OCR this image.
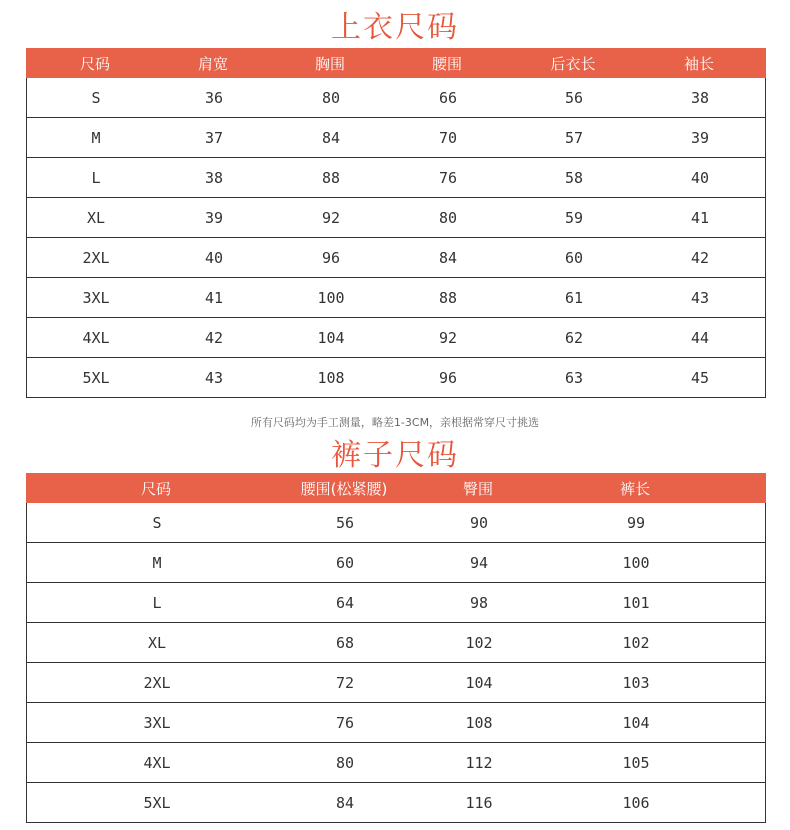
上衣尺码
尺码	肩宽	胸围	腰围	后衣长	袖长
S	36	80	66	56	38
M	37	84	70	57	39
L	38	88	76	58	40
XL	39	92	80	59	41
2XL	40	96	84	60	42
3XL	41	100	88	61	43
4XL	42	104	92	62	44
5XL	43	108	96	63	45
所有尺码均为手工测量，略差1-3CM，亲根据常穿尺寸挑选
裤子尺码
尺码	腰围(松紧腰)	臀围	裤长
S	56	90	99
M	60	94	100
L	64	98	101
XL	68	102	102
2XL	72	104	103
3XL	76	108	104
4XL	80	112	105
5XL	84	116	106
